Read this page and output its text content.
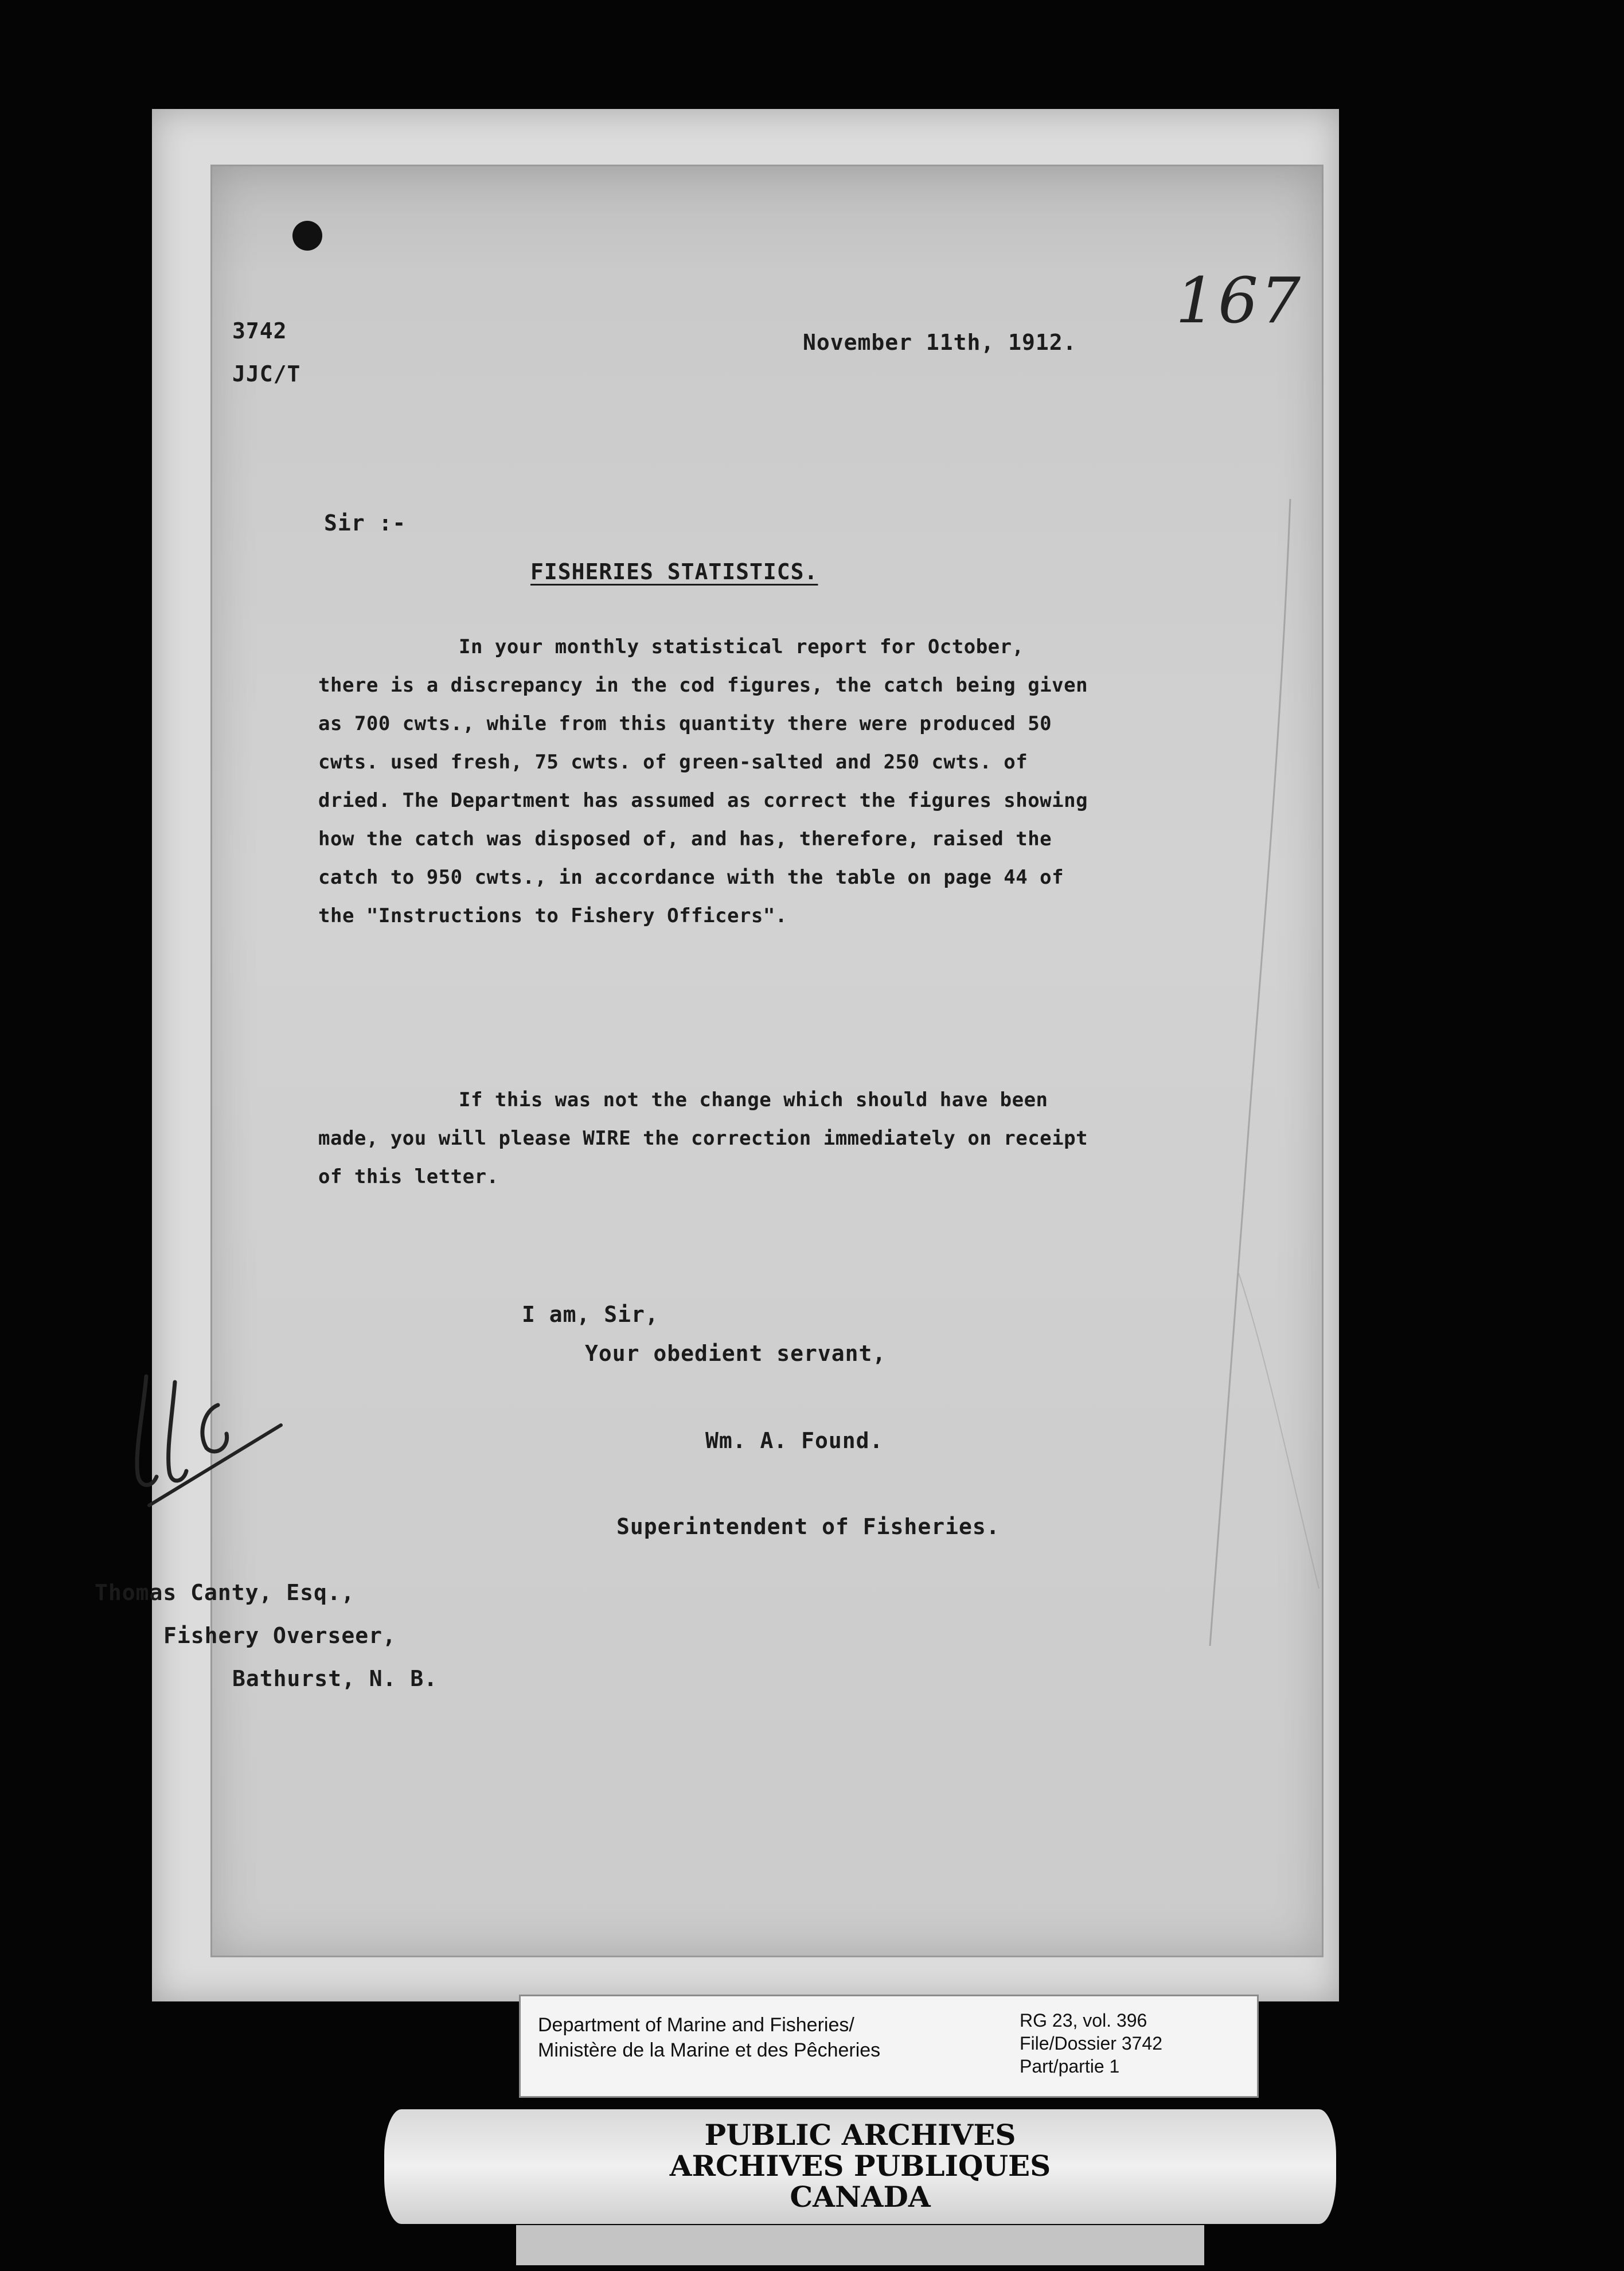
167
3742
JJC/T
November 11th, 1912.
Sir :-
FISHERIES STATISTICS.
In your monthly statistical report for October, there is a discrepancy in the cod figures, the catch being given as 700 cwts., while from this quantity there were produced 50 cwts. used fresh, 75 cwts. of green-salted and 250 cwts. of dried. The Department has assumed as correct the figures showing how the catch was disposed of, and has, therefore, raised the catch to 950 cwts., in accordance with the table on page 44 of the "Instructions to Fishery Officers".
If this was not the change which should have been made, you will please WIRE the correction immediately on receipt of this letter.
I am, Sir,
Your obedient servant,
Wm. A. Found.
Superintendent of Fisheries.
Thomas Canty, Esq.,
Fishery Overseer,
Bathurst, N. B.
Department of Marine and Fisheries/
Ministère de la Marine et des Pêcheries
RG 23, vol. 396
File/Dossier 3742
Part/partie 1
PUBLIC ARCHIVES
ARCHIVES PUBLIQUES
CANADA
